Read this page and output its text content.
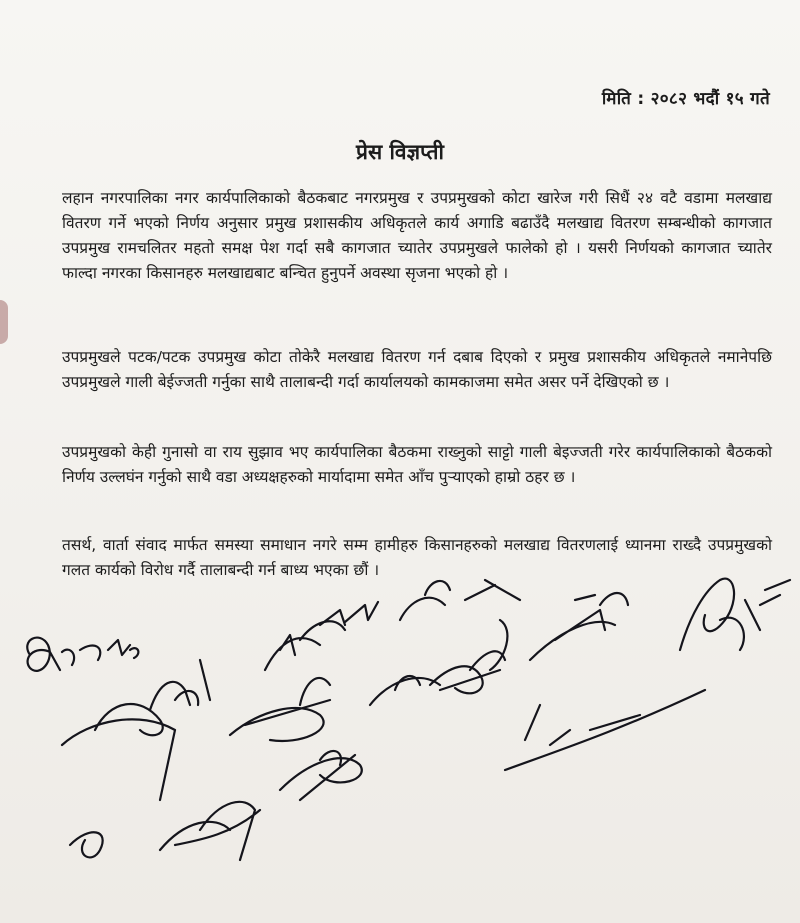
मिति : २०८२ भदौं १५ गते
प्रेस विज्ञप्ती

लहान नगरपालिका नगर कार्यपालिकाको बैठकबाट नगरप्रमुख र उपप्रमुखको कोटा खारेज गरी सिधैं २४ वटै वडामा मलखाद्य वितरण गर्ने भएको निर्णय अनुसार प्रमुख प्रशासकीय अधिकृतले कार्य अगाडि बढाउँदै मलखाद्य वितरण सम्बन्धीको कागजात उपप्रमुख रामचलितर महतो समक्ष पेश गर्दा सबै कागजात च्यातेर उपप्रमुखले फालेको हो । यसरी निर्णयको कागजात च्यातेर फाल्दा नगरका किसानहरु मलखाद्यबाट बन्चित हुनुपर्ने अवस्था सृजना भएको हो ।

उपप्रमुखले पटक/पटक उपप्रमुख कोटा तोकेरै मलखाद्य वितरण गर्न दबाब दिएको र प्रमुख प्रशासकीय अधिकृतले नमानेपछि उपप्रमुखले गाली बेईज्जती गर्नुका साथै तालाबन्दी गर्दा कार्यालयको कामकाजमा समेत असर पर्ने देखिएको छ ।

उपप्रमुखको केही गुनासो वा राय सुझाव भए कार्यपालिका बैठकमा राख्नुको साट्टो गाली बेइज्जती गरेर कार्यपालिकाको बैठकको निर्णय उल्लघंन गर्नुको साथै वडा अध्यक्षहरुको मार्यादामा समेत आँच पुर्‍याएको हाम्रो ठहर छ ।

तसर्थ, वार्ता संवाद मार्फत समस्या समाधान नगरे सम्म हामीहरु किसानहरुको मलखाद्य वितरणलाई ध्यानमा राख्दै उपप्रमुखको गलत कार्यको विरोध गर्दै तालाबन्दी गर्न बाध्य भएका छौं ।
